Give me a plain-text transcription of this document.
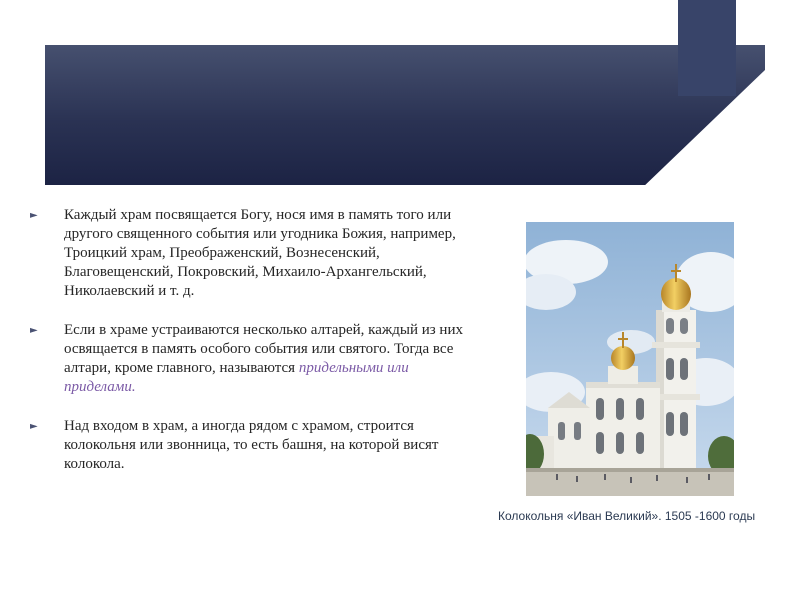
► Каждый храм посвящается Богу, нося имя в память того или другого священного события или угодника Божия, например, Троицкий храм, Преображенский, Вознесенский, Благовещенский, Покровский, Михаило-Архангельский, Николаевский и т. д.
► Если в храме устраиваются несколько алтарей, каждый из них освящается в память особого события или святого. Тогда все алтари, кроме главного, называются придельными или приделами.
► Над входом в храм, а иногда рядом с храмом, строится колокольня или звонница, то есть башня, на которой висят колокола.
Колокольня «Иван Великий». 1505 -1600 годы
